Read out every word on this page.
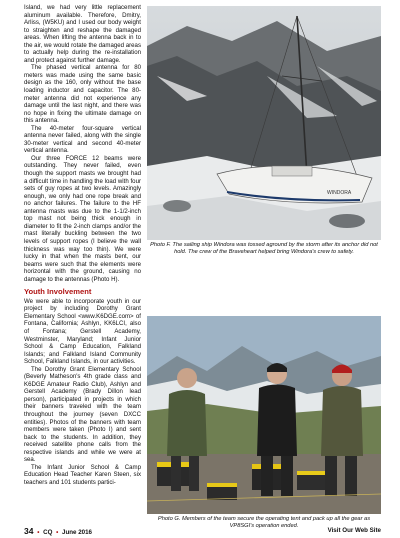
Island, we had very little replacement aluminum available. Therefore, Dmitry, Arliss, (W5KU) and I used our body weight to straighten and reshape the damaged areas. When lifting the antenna back in to the air, we would rotate the damaged areas to actually help during the re-installation and protect against further damage.

The phased vertical antenna for 80 meters was made using the same basic design as the 160, only without the base loading inductor and capacitor. The 80-meter antenna did not experience any damage until the last night, and there was no hope in fixing the ultimate damage on this antenna.

The 40-meter four-square vertical antenna never failed, along with the single 30-meter vertical and second 40-meter vertical antenna.

Our three FORCE 12 beams were outstanding. They never failed, even though the support masts we brought had a difficult time in handling the load with four sets of guy ropes at two levels. Amazingly enough, we only had one rope break and no anchor failures. The failure to the HF antenna masts was due to the 1-1/2-inch top mast not being thick enough in diameter to fit the 2-inch clamps and/or the mast literally buckling between the two levels of support ropes (I believe the wall thickness was way too thin). We were lucky in that when the masts bent, our beams were such that the elements were horizontal with the ground, causing no damage to the antennas (Photo H).

Youth Involvement

We were able to incorporate youth in our project by including Dorothy Grant Elementary School <www.K6DGE.com> of Fontana, California; Ashlyn, KK6LCI, also of Fontana; Gerstell Academy, Westminster, Maryland; Infant Junior School & Camp Education, Falkland Islands; and Falkland Island Community School, Falkland Islands, in our activities.

The Dorothy Grant Elementary School (Beverly Matheson's 4th grade class and K6DGE Amateur Radio Club), Ashlyn and Gerstell Academy (Brady Dillon lead person), participated in projects in which their banners traveled with the team throughout the journey (seven DXCC entities). Photos of the banners with team members were taken (Photo I) and sent back to the students. In addition, they received satellite phone calls from the respective islands and while we were at sea.

The Infant Junior School & Camp Education Head Teacher Karen Steen, six teachers and 101 students partici-

WINDORA
Photo F. The sailing ship Windora was tossed aground by the storm after its anchor did not hold. The crew of the Braveheart helped bring Windora's crew to safety.
Photo G. Members of the team secure the operating tent and pack up all the gear as VP8SGI's operation ended.
34 • CQ • June 2016	Visit Our Web Site
